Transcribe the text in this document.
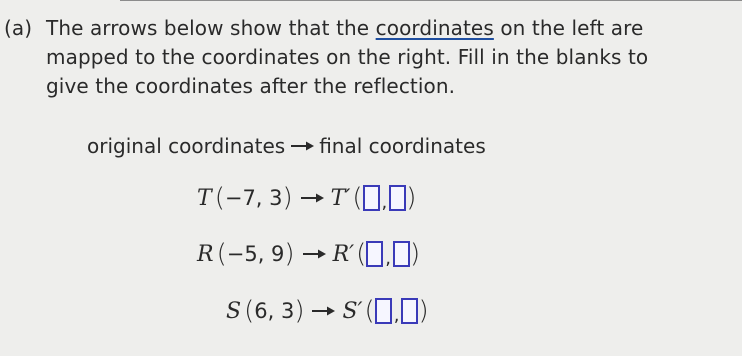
(a) The arrows below show that the coordinates on the left are
mapped to the coordinates on the right. Fill in the blanks to
give the coordinates after the reflection.
original coordinates final coordinates
T ( −7, 3 ) T′ ( , )
R ( −5, 9 ) R′ ( , )
S ( 6, 3 ) S′ ( , )
